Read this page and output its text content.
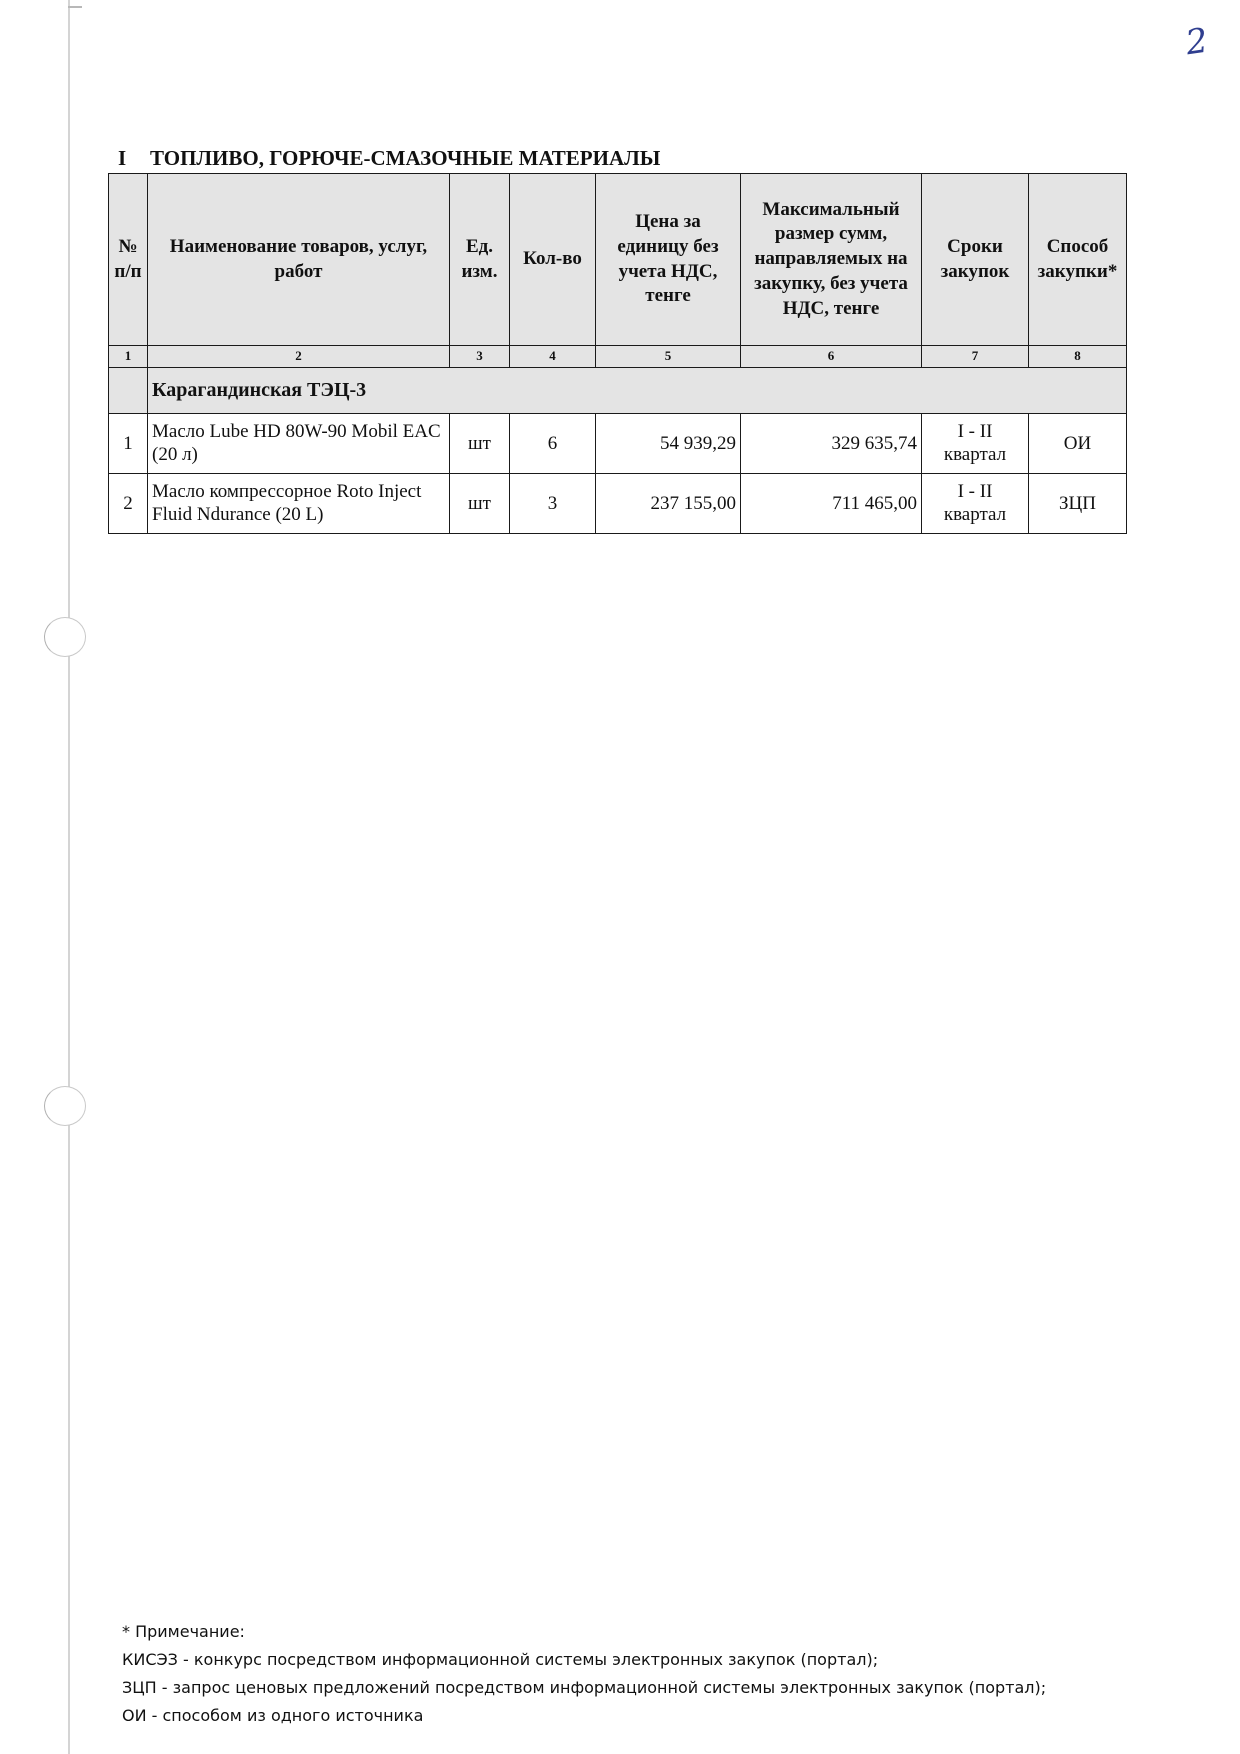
2
I ТОПЛИВО, ГОРЮЧЕ-СМАЗОЧНЫЕ МАТЕРИАЛЫ
№ п/п	Наименование товаров, услуг, работ	Ед. изм.	Кол-во	Цена за единицу без учета НДС, тенге	Максимальный размер сумм, направляемых на закупку, без учета НДС, тенге	Сроки закупок	Способ закупки*
1	2	3	4	5	6	7	8
	Карагандинская ТЭЦ-3						
1	Масло Lube HD 80W-90 Mobil EAC (20 л)	шт	6	54 939,29	329 635,74	I - II квартал	ОИ
2	Масло компрессорное Roto Inject Fluid Ndurance (20 L)	шт	3	237 155,00	711 465,00	I - II квартал	ЗЦП
* Примечание:
КИСЭЗ - конкурс посредством информационной системы электронных закупок (портал);
ЗЦП - запрос ценовых предложений посредством информационной системы электронных закупок (портал);
ОИ - способом из одного источника
